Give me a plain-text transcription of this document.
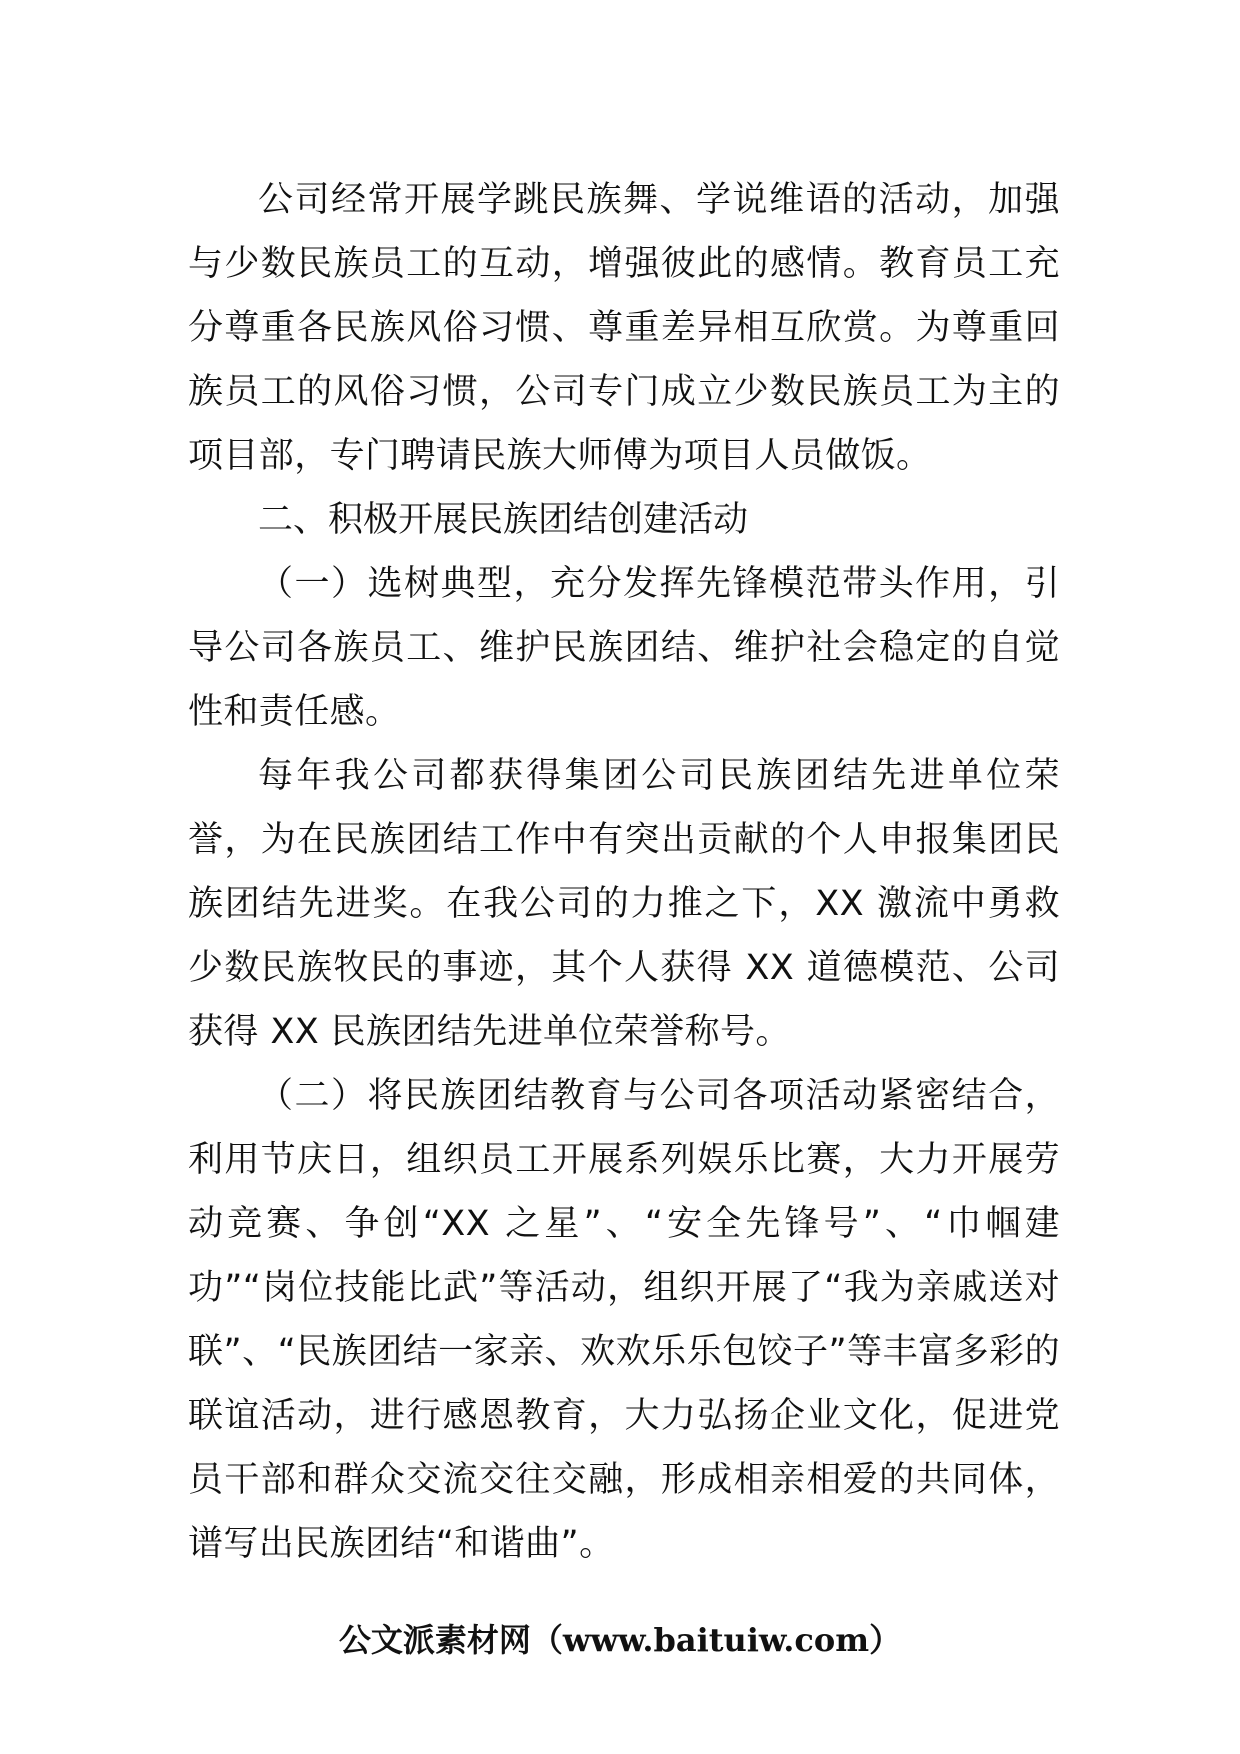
公司经常开展学跳民族舞、学说维语的活动，加强与少数民族员工的互动，增强彼此的感情。教育员工充分尊重各民族风俗习惯、尊重差异相互欣赏。为尊重回族员工的风俗习惯，公司专门成立少数民族员工为主的项目部，专门聘请民族大师傅为项目人员做饭。

二、积极开展民族团结创建活动

（一）选树典型，充分发挥先锋模范带头作用，引导公司各族员工、维护民族团结、维护社会稳定的自觉性和责任感。

每年我公司都获得集团公司民族团结先进单位荣誉，为在民族团结工作中有突出贡献的个人申报集团民族团结先进奖。在我公司的力推之下，XX 激流中勇救少数民族牧民的事迹，其个人获得 XX 道德模范、公司获得 XX 民族团结先进单位荣誉称号。

（二）将民族团结教育与公司各项活动紧密结合，利用节庆日，组织员工开展系列娱乐比赛，大力开展劳动竞赛、争创“XX 之星”、“安全先锋号”、“巾帼建功”“岗位技能比武”等活动，组织开展了“我为亲戚送对联”、“民族团结一家亲、欢欢乐乐包饺子”等丰富多彩的联谊活动，进行感恩教育，大力弘扬企业文化，促进党员干部和群众交流交往交融，形成相亲相爱的共同体，谱写出民族团结“和谐曲”。

公文派素材网（www.baituiw.com）
